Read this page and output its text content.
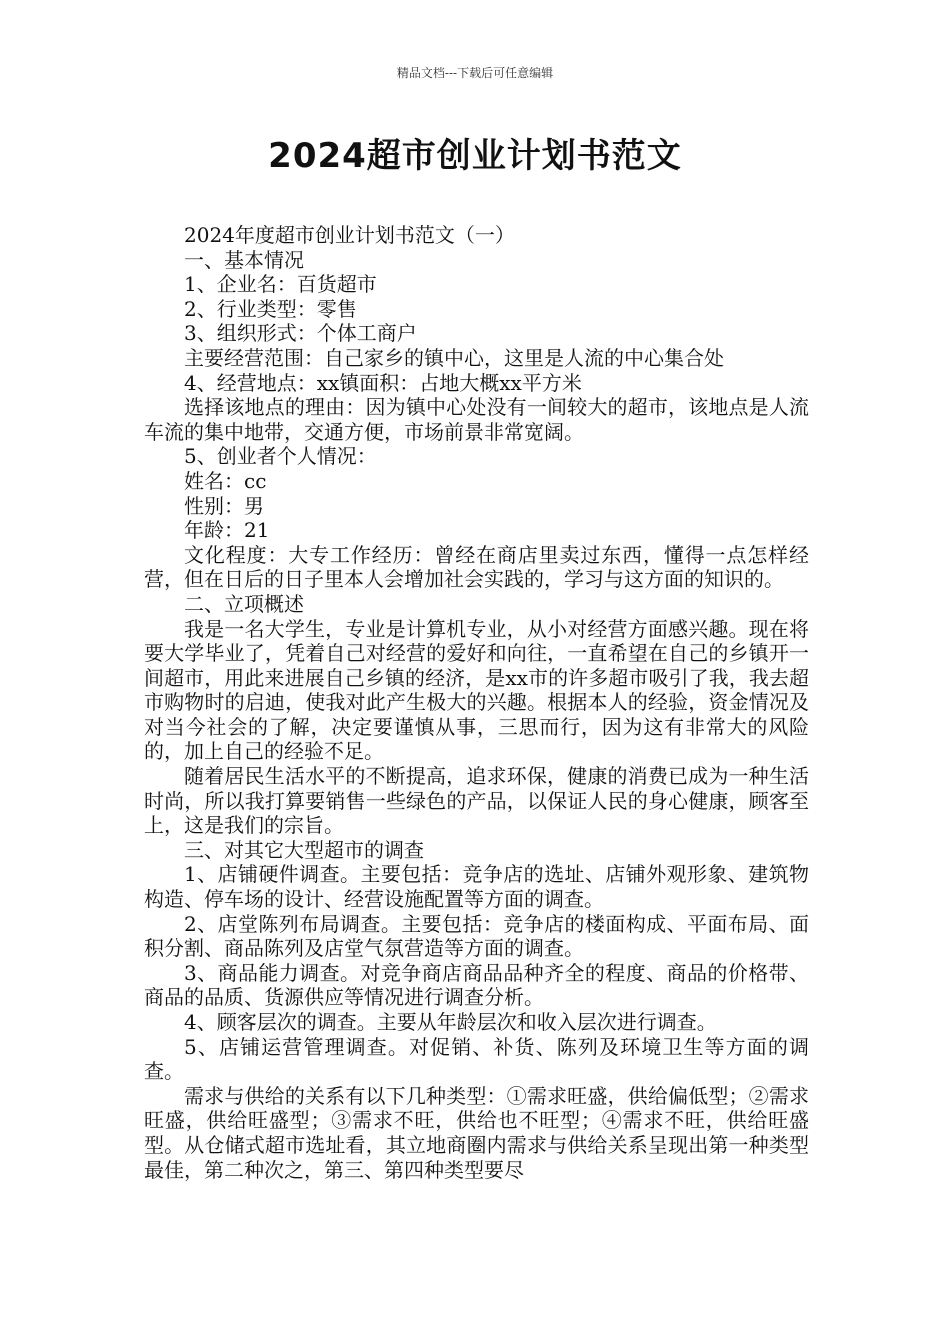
精品文档---下载后可任意编辑
2024超市创业计划书范文

2024年度超市创业计划书范文（一）

一、基本情况

1、企业名：百货超市

2、行业类型：零售

3、组织形式：个体工商户

主要经营范围：自己家乡的镇中心，这里是人流的中心集合处

4、经营地点：xx镇面积：占地大概xx平方米

选择该地点的理由：因为镇中心处没有一间较大的超市，该地点是人流车流的集中地带，交通方便，市场前景非常宽阔。

5、创业者个人情况：

姓名：cc

性别：男

年龄：21

文化程度：大专工作经历：曾经在商店里卖过东西，懂得一点怎样经营，但在日后的日子里本人会增加社会实践的，学习与这方面的知识的。

二、立项概述

我是一名大学生，专业是计算机专业，从小对经营方面感兴趣。现在将要大学毕业了，凭着自己对经营的爱好和向往，一直希望在自己的乡镇开一间超市，用此来进展自己乡镇的经济，是xx市的许多超市吸引了我，我去超市购物时的启迪，使我对此产生极大的兴趣。根据本人的经验，资金情况及对当今社会的了解，决定要谨慎从事，三思而行，因为这有非常大的风险的，加上自己的经验不足。

随着居民生活水平的不断提高，追求环保，健康的消费已成为一种生活时尚，所以我打算要销售一些绿色的产品，以保证人民的身心健康，顾客至上，这是我们的宗旨。

三、对其它大型超市的调查

1、店铺硬件调查。主要包括：竞争店的选址、店铺外观形象、建筑物构造、停车场的设计、经营设施配置等方面的调查。

2、店堂陈列布局调查。主要包括：竞争店的楼面构成、平面布局、面积分割、商品陈列及店堂气氛营造等方面的调查。

3、商品能力调查。对竞争商店商品品种齐全的程度、商品的价格带、商品的品质、货源供应等情况进行调查分析。

4、顾客层次的调查。主要从年龄层次和收入层次进行调查。

5、店铺运营管理调查。对促销、补货、陈列及环境卫生等方面的调查。

需求与供给的关系有以下几种类型：①需求旺盛，供给偏低型；②需求旺盛，供给旺盛型；③需求不旺，供给也不旺型；④需求不旺，供给旺盛型。从仓储式超市选址看，其立地商圈内需求与供给关系呈现出第一种类型最佳，第二种次之，第三、第四种类型要尽
